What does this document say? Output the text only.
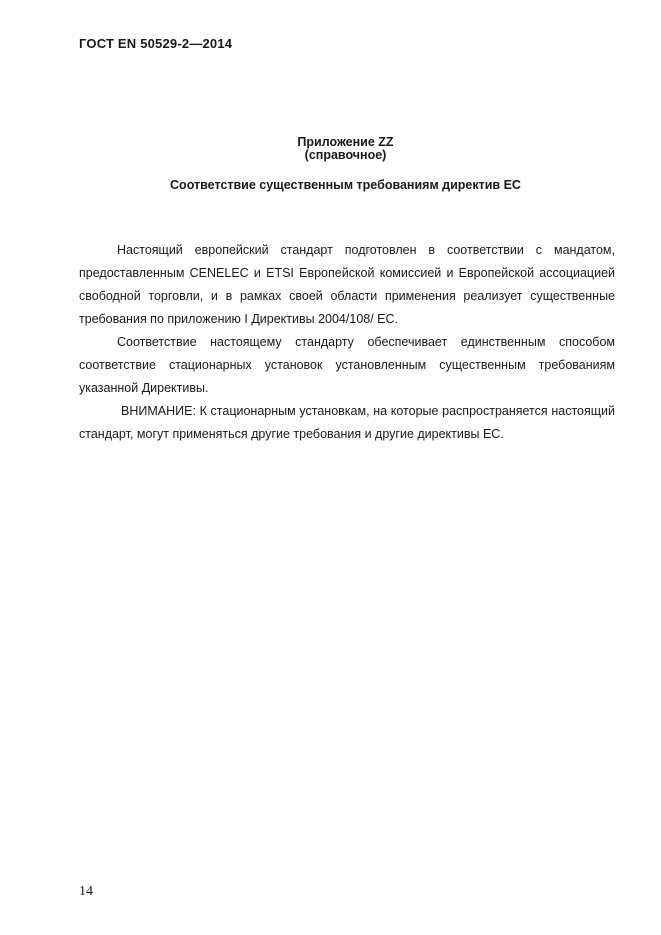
ГОСТ EN 50529-2—2014
Приложение ZZ
(справочное)
Соответствие существенным требованиям директив ЕС

Настоящий европейский стандарт подготовлен в соответствии с мандатом, предоставленным CENELEC и ETSI Европейской комиссией и Европейской ассоциацией свободной торговли, и в рамках своей области применения реализует существенные требования по приложению I Директивы 2004/108/ ЕС.

Соответствие настоящему стандарту обеспечивает единственным способом соответствие стационарных установок установленным существенным требованиям указанной Директивы.

ВНИМАНИЕ: К стационарным установкам, на которые распространяется настоящий стандарт, могут применяться другие требования и другие директивы ЕС.

14
